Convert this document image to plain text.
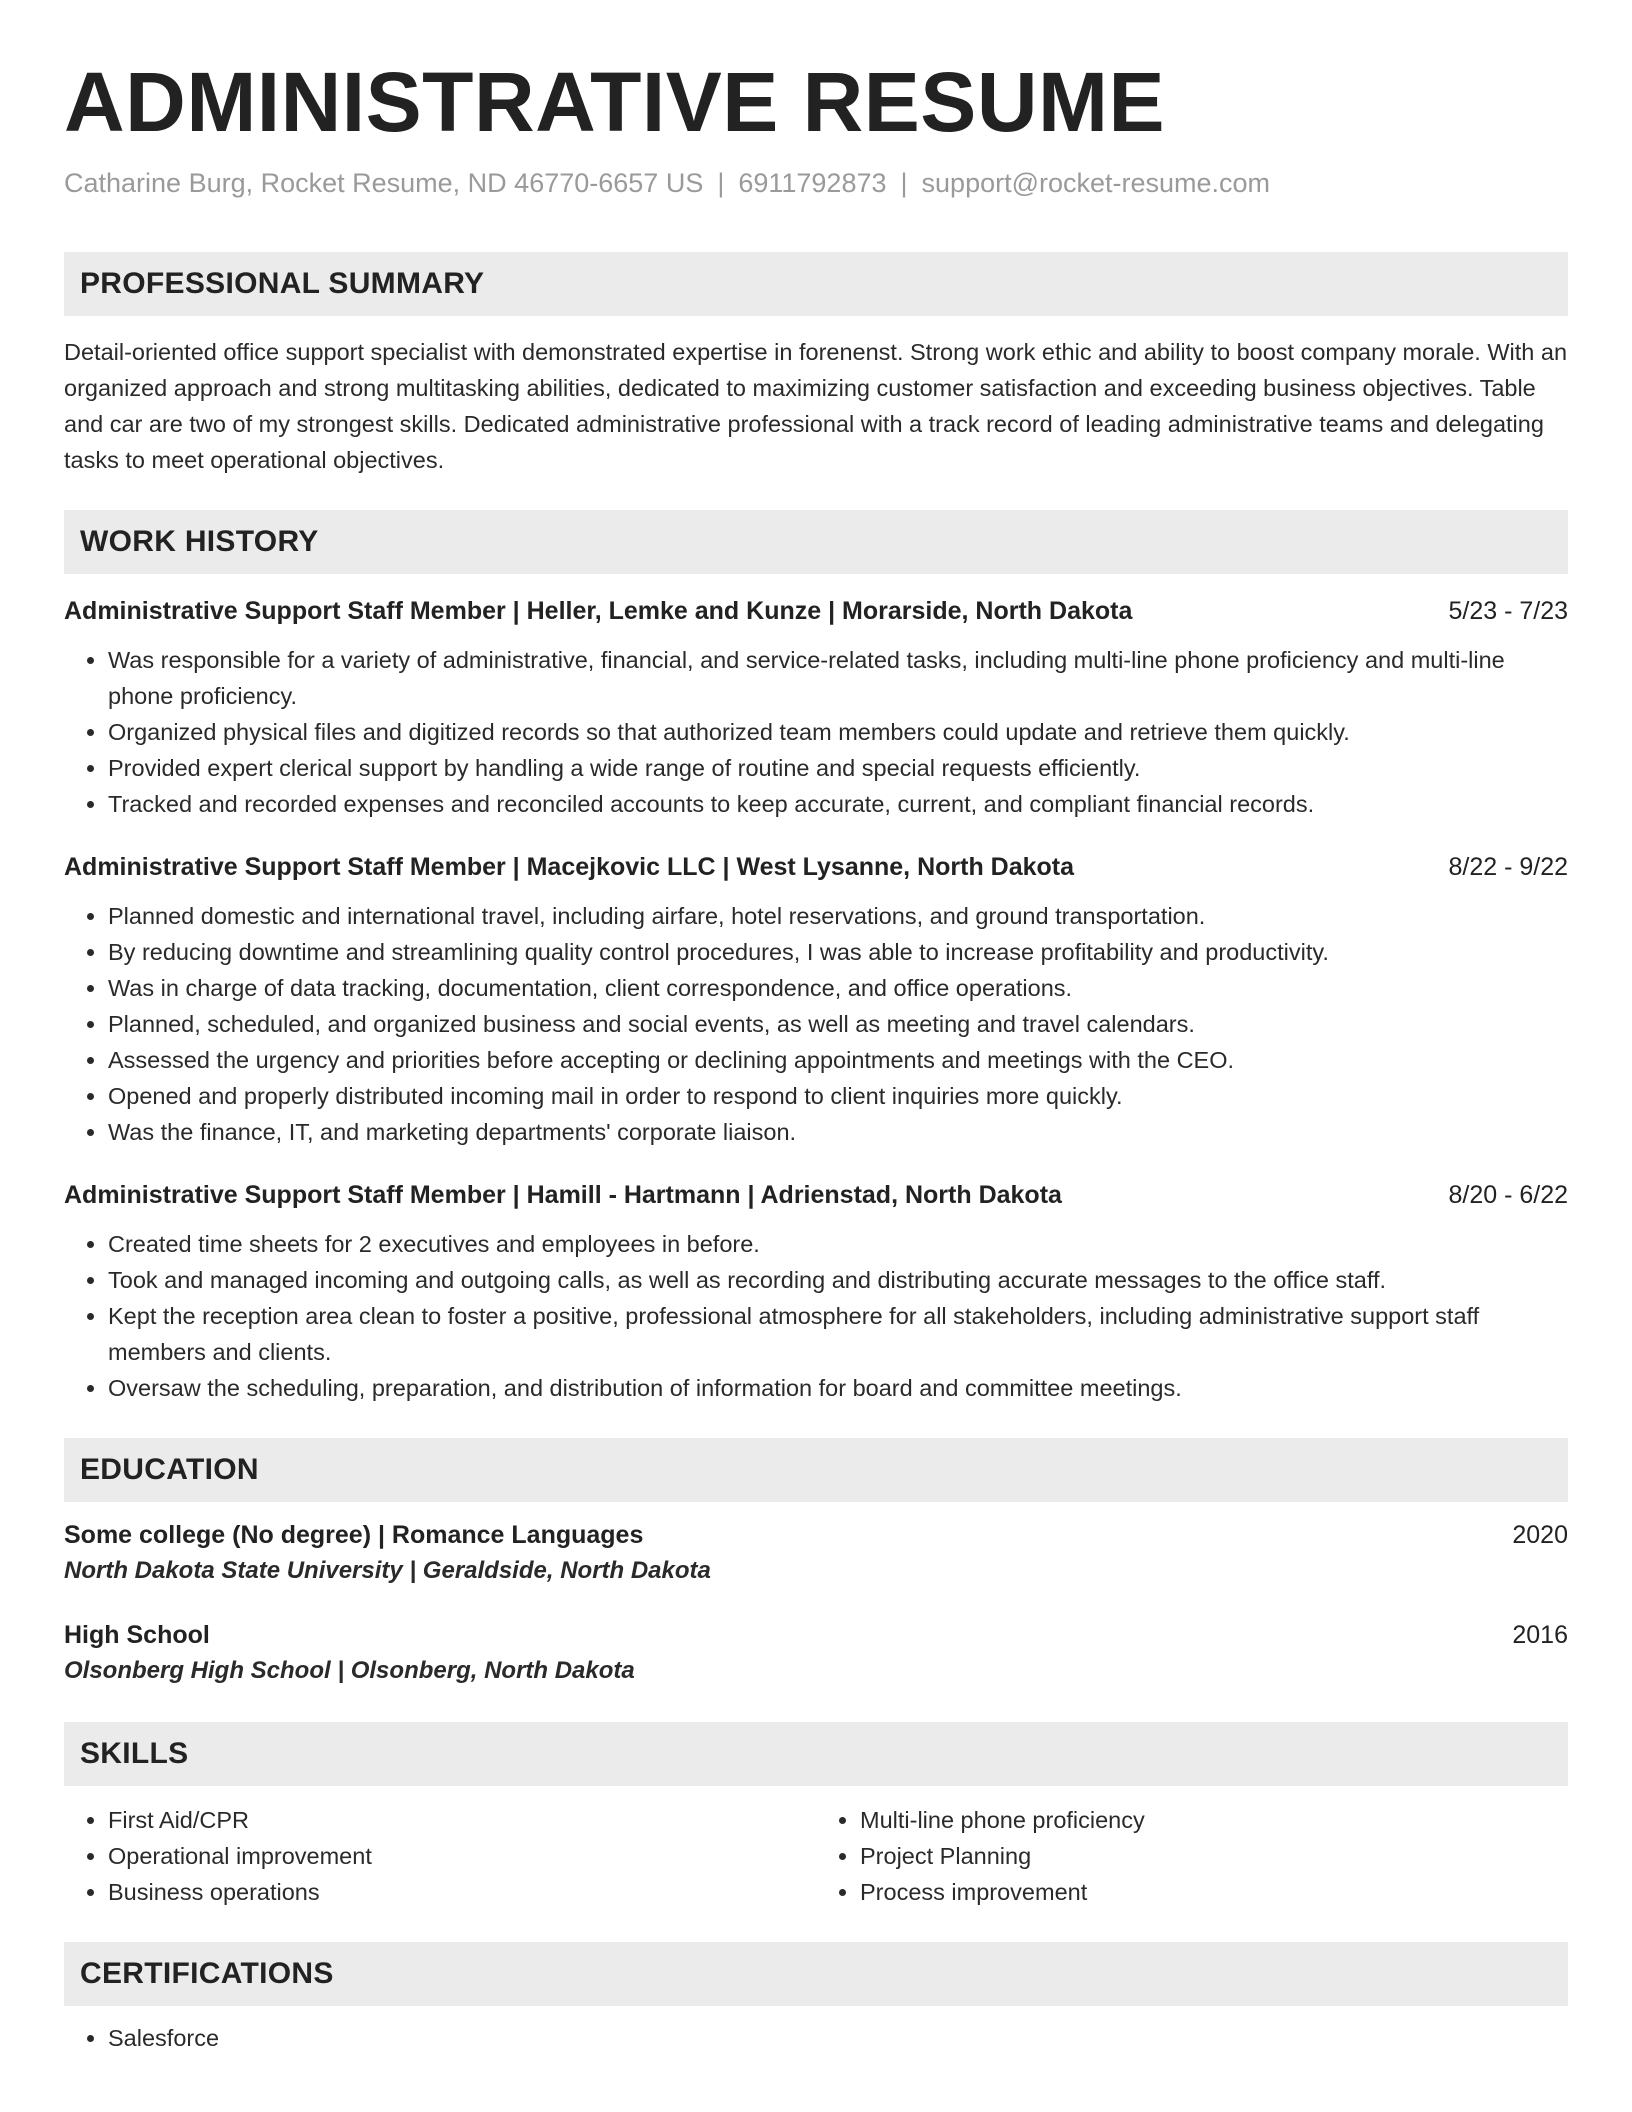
ADMINISTRATIVE RESUME
Catharine Burg, Rocket Resume, ND 46770-6657 US | 6911792873 | support@rocket-resume.com
PROFESSIONAL SUMMARY
Detail-oriented office support specialist with demonstrated expertise in forenenst. Strong work ethic and ability to boost company morale. With an organized approach and strong multitasking abilities, dedicated to maximizing customer satisfaction and exceeding business objectives. Table and car are two of my strongest skills. Dedicated administrative professional with a track record of leading administrative teams and delegating tasks to meet operational objectives.
WORK HISTORY
Administrative Support Staff Member | Heller, Lemke and Kunze | Morarside, North Dakota	5/23 - 7/23
• Was responsible for a variety of administrative, financial, and service-related tasks, including multi-line phone proficiency and multi-line phone proficiency.
• Organized physical files and digitized records so that authorized team members could update and retrieve them quickly.
• Provided expert clerical support by handling a wide range of routine and special requests efficiently.
• Tracked and recorded expenses and reconciled accounts to keep accurate, current, and compliant financial records.
Administrative Support Staff Member | Macejkovic LLC | West Lysanne, North Dakota	8/22 - 9/22
• Planned domestic and international travel, including airfare, hotel reservations, and ground transportation.
• By reducing downtime and streamlining quality control procedures, I was able to increase profitability and productivity.
• Was in charge of data tracking, documentation, client correspondence, and office operations.
• Planned, scheduled, and organized business and social events, as well as meeting and travel calendars.
• Assessed the urgency and priorities before accepting or declining appointments and meetings with the CEO.
• Opened and properly distributed incoming mail in order to respond to client inquiries more quickly.
• Was the finance, IT, and marketing departments' corporate liaison.
Administrative Support Staff Member | Hamill - Hartmann | Adrienstad, North Dakota	8/20 - 6/22
• Created time sheets for 2 executives and employees in before.
• Took and managed incoming and outgoing calls, as well as recording and distributing accurate messages to the office staff.
• Kept the reception area clean to foster a positive, professional atmosphere for all stakeholders, including administrative support staff members and clients.
• Oversaw the scheduling, preparation, and distribution of information for board and committee meetings.
EDUCATION
Some college (No degree) | Romance Languages	2020
North Dakota State University | Geraldside, North Dakota
High School	2016
Olsonberg High School | Olsonberg, North Dakota
SKILLS
• First Aid/CPR
• Operational improvement
• Business operations
• Multi-line phone proficiency
• Project Planning
• Process improvement
CERTIFICATIONS
• Salesforce
